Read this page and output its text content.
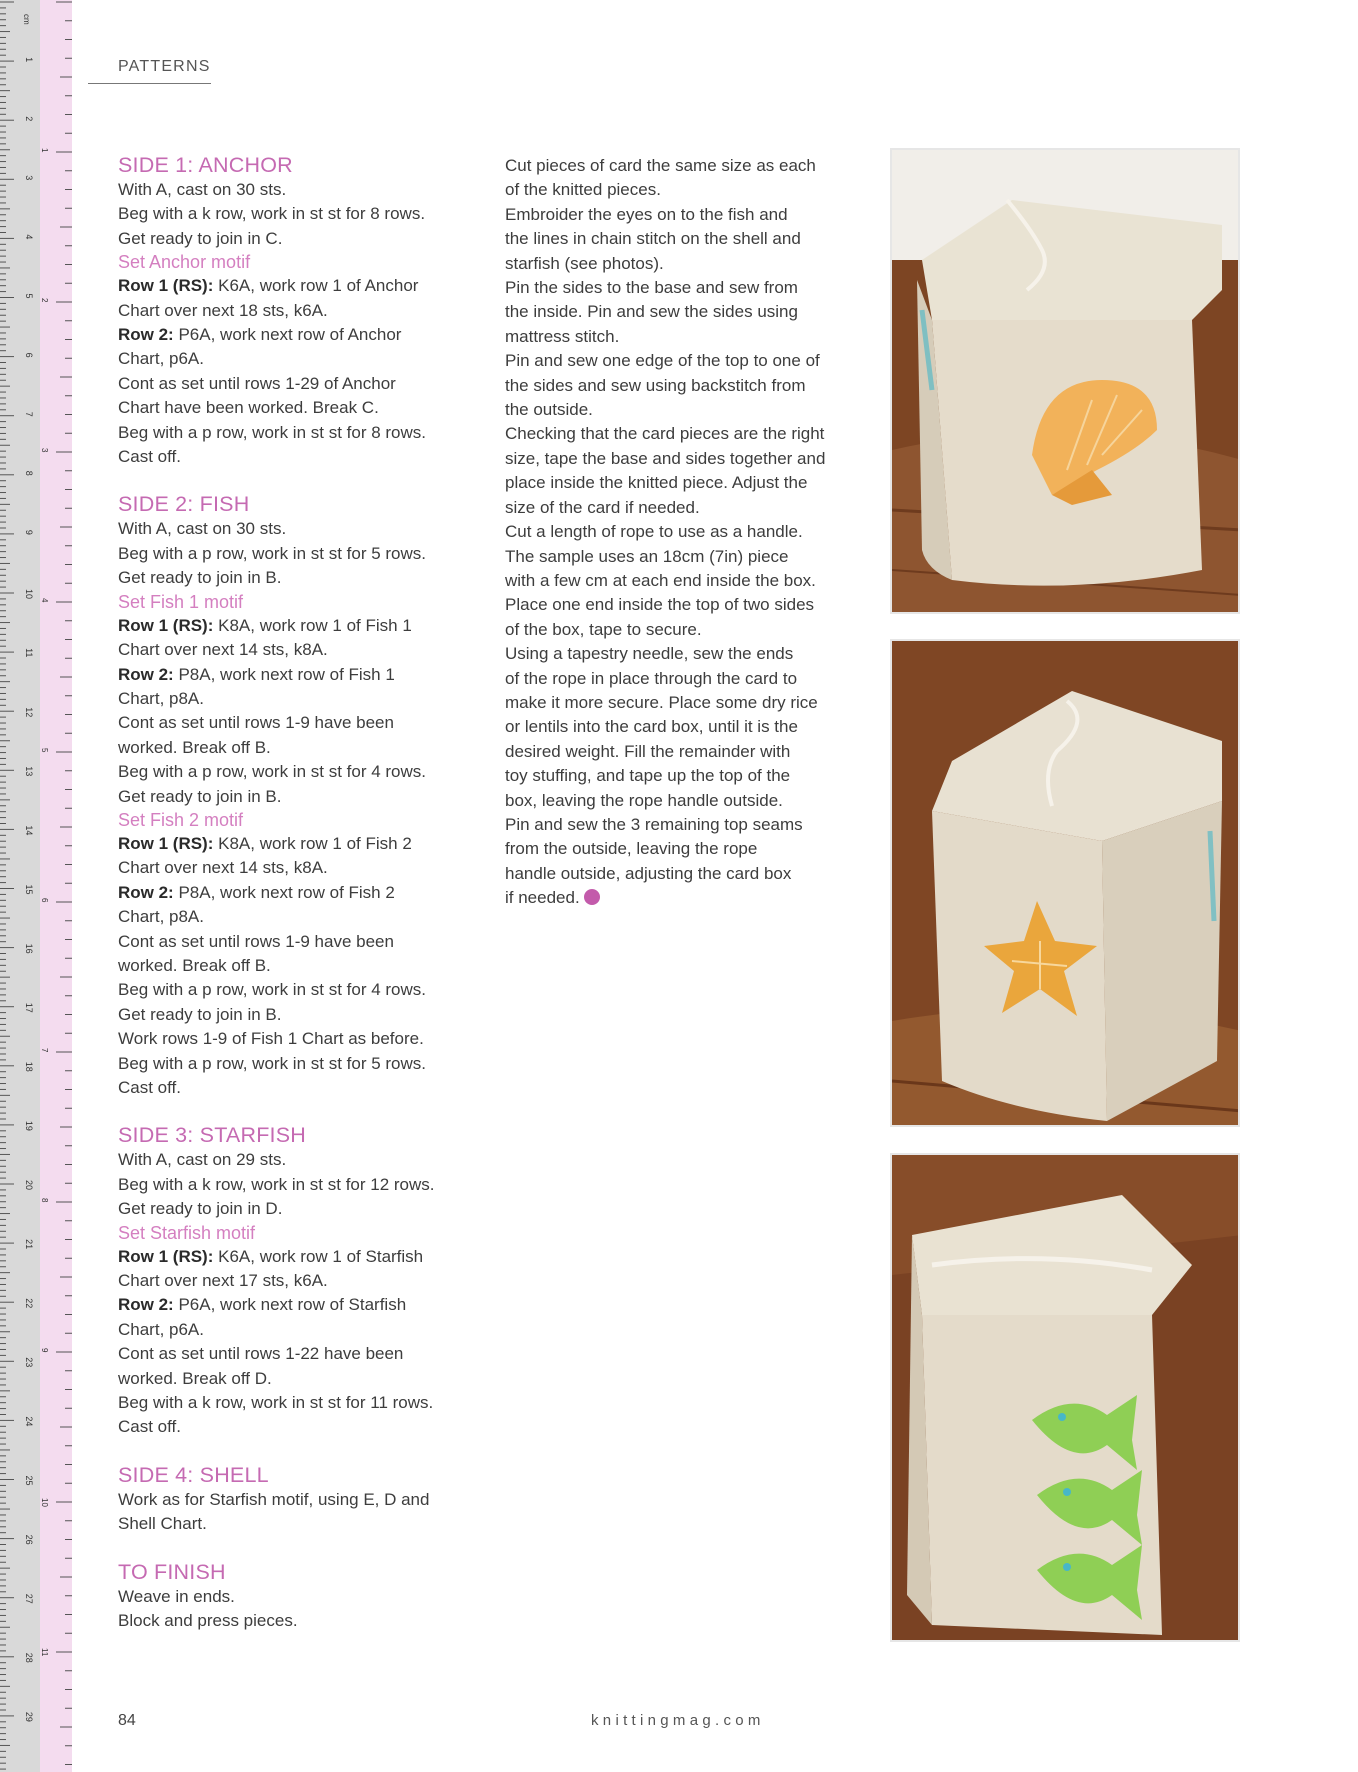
cm
1
2
3
4
5
6
7
8
9
10
11
12
13
14
15
16
17
18
19
20
21
22
23
24
25
26
27
28
29
1
2
3
4
5
6
7
8
9
10
11
PATTERNS
SIDE 1: ANCHOR
With A, cast on 30 sts.
Beg with a k row, work in st st for 8 rows.
Get ready to join in C.
Set Anchor motif
Row 1 (RS): K6A, work row 1 of Anchor
Chart over next 18 sts, k6A.
Row 2: P6A, work next row of Anchor
Chart, p6A.
Cont as set until rows 1-29 of Anchor
Chart have been worked. Break C.
Beg with a p row, work in st st for 8 rows.
Cast off.
SIDE 2: FISH
With A, cast on 30 sts.
Beg with a p row, work in st st for 5 rows.
Get ready to join in B.
Set Fish 1 motif
Row 1 (RS): K8A, work row 1 of Fish 1
Chart over next 14 sts, k8A.
Row 2: P8A, work next row of Fish 1
Chart, p8A.
Cont as set until rows 1-9 have been
worked. Break off B.
Beg with a p row, work in st st for 4 rows.
Get ready to join in B.
Set Fish 2 motif
Row 1 (RS): K8A, work row 1 of Fish 2
Chart over next 14 sts, k8A.
Row 2: P8A, work next row of Fish 2
Chart, p8A.
Cont as set until rows 1-9 have been
worked. Break off B.
Beg with a p row, work in st st for 4 rows.
Get ready to join in B.
Work rows 1-9 of Fish 1 Chart as before.
Beg with a p row, work in st st for 5 rows.
Cast off.
SIDE 3: STARFISH
With A, cast on 29 sts.
Beg with a k row, work in st st for 12 rows.
Get ready to join in D.
Set Starfish motif
Row 1 (RS): K6A, work row 1 of Starfish
Chart over next 17 sts, k6A.
Row 2: P6A, work next row of Starfish
Chart, p6A.
Cont as set until rows 1-22 have been
worked. Break off D.
Beg with a k row, work in st st for 11 rows.
Cast off.
SIDE 4: SHELL
Work as for Starfish motif, using E, D and
Shell Chart.
TO FINISH
Weave in ends.
Block and press pieces.
Cut pieces of card the same size as each
of the knitted pieces.
Embroider the eyes on to the fish and
the lines in chain stitch on the shell and
starfish (see photos).
Pin the sides to the base and sew from
the inside. Pin and sew the sides using
mattress stitch.
Pin and sew one edge of the top to one of
the sides and sew using backstitch from
the outside.
Checking that the card pieces are the right
size, tape the base and sides together and
place inside the knitted piece. Adjust the
size of the card if needed.
Cut a length of rope to use as a handle.
The sample uses an 18cm (7in) piece
with a few cm at each end inside the box.
Place one end inside the top of two sides
of the box, tape to secure.
Using a tapestry needle, sew the ends
of the rope in place through the card to
make it more secure. Place some dry rice
or lentils into the card box, until it is the
desired weight. Fill the remainder with
toy stuffing, and tape up the top of the
box, leaving the rope handle outside.
Pin and sew the 3 remaining top seams
from the outside, leaving the rope
handle outside, adjusting the card box
if needed.
84	knittingmag.com
